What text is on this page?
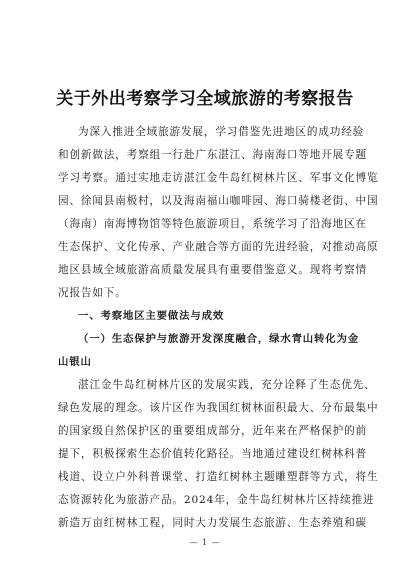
关于外出考察学习全域旅游的考察报告
为深入推进全域旅游发展，学习借鉴先进地区的成功经验
和创新做法，考察组一行赴广东湛江、海南海口等地开展专题
学习考察。通过实地走访湛江金牛岛红树林片区、军事文化博览
园、徐闻县南极村，以及海南福山咖啡园、海口骑楼老街、中国
（海南）南海博物馆等特色旅游项目，系统学习了沿海地区在
生态保护、文化传承、产业融合等方面的先进经验，对推动高原
地区县域全域旅游高质量发展具有重要借鉴意义。现将考察情
况报告如下。
一、考察地区主要做法与成效
（一）生态保护与旅游开发深度融合，绿水青山转化为金
山银山
湛江金牛岛红树林片区的发展实践，充分诠释了生态优先、
绿色发展的理念。该片区作为我国红树林面积最大、分布最集中
的国家级自然保护区的重要组成部分，近年来在严格保护的前
提下，积极探索生态价值转化路径。当地通过建设红树林科普
栈道、设立户外科普课堂、打造红树林主题雕塑群等方式，将生
态资源转化为旅游产品。2024年，金牛岛红树林片区持续推进
新造万亩红树林工程，同时大力发展生态旅游、生态养殖和碳
— 1 —
